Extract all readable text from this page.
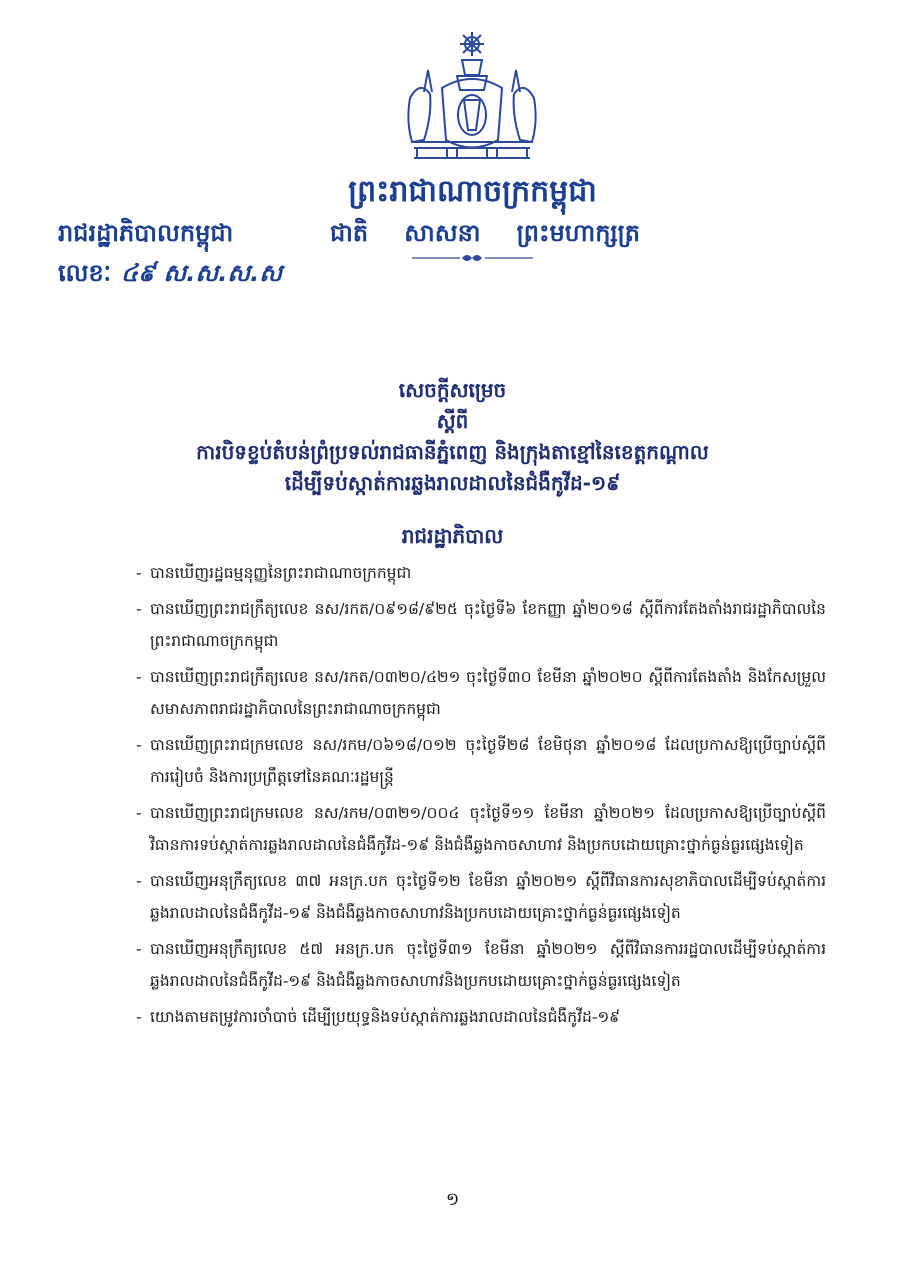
ព្រះរាជាណាចក្រកម្ពុជា
ជាតិ សាសនា ព្រះមហាក្សត្រ
រាជរដ្ឋាភិបាលកម្ពុជា
លេខៈ ៤៩ ស.ស.ស.ស
សេចក្ដីសម្រេច
ស្ដីពី
ការបិទខ្ទប់តំបន់ព្រំប្រទល់រាជធានីភ្នំពេញ និងក្រុងតាខ្មៅនៃខេត្តកណ្ដាល
ដើម្បីទប់ស្កាត់ការឆ្លងរាលដាលនៃជំងឺកូវីដ-១៩
រាជរដ្ឋាភិបាល
- បានឃើញរដ្ឋធម្មនុញ្ញនៃព្រះរាជាណាចក្រកម្ពុជា
- បានឃើញព្រះរាជក្រឹត្យលេខ នស/រកត/០៩១៨/៩២៥ ចុះថ្ងៃទី៦ ខែកញ្ញា ឆ្នាំ២០១៨ ស្ដីពីការតែងតាំងរាជរដ្ឋាភិបាលនៃព្រះរាជាណាចក្រកម្ពុជា
- បានឃើញព្រះរាជក្រឹត្យលេខ នស/រកត/០៣២០/៤២១ ចុះថ្ងៃទី៣០ ខែមីនា ឆ្នាំ២០២០ ស្ដីពីការតែងតាំង និងកែសម្រួលសមាសភាពរាជរដ្ឋាភិបាលនៃព្រះរាជាណាចក្រកម្ពុជា
- បានឃើញព្រះរាជក្រមលេខ នស/រកម/០៦១៨/០១២ ចុះថ្ងៃទី២៨ ខែមិថុនា ឆ្នាំ២០១៨ ដែលប្រកាសឱ្យប្រើច្បាប់ស្ដីពីការរៀបចំ និងការប្រព្រឹត្តទៅនៃគណៈរដ្ឋមន្ត្រី
- បានឃើញព្រះរាជក្រមលេខ នស/រកម/០៣២១/០០៤ ចុះថ្ងៃទី១១ ខែមីនា ឆ្នាំ២០២១ ដែលប្រកាសឱ្យប្រើច្បាប់ស្ដីពីវិធានការទប់ស្កាត់ការឆ្លងរាលដាលនៃជំងឺកូវីដ-១៩ និងជំងឺឆ្លងកាចសាហាវ និងប្រកបដោយគ្រោះថ្នាក់ធ្ងន់ធ្ងរផ្សេងទៀត
- បានឃើញអនុក្រឹត្យលេខ ៣៧ អនក្រ.បក ចុះថ្ងៃទី១២ ខែមីនា ឆ្នាំ២០២១ ស្ដីពីវិធានការសុខាភិបាលដើម្បីទប់ស្កាត់ការឆ្លងរាលដាលនៃជំងឺកូវីដ-១៩ និងជំងឺឆ្លងកាចសាហាវនិងប្រកបដោយគ្រោះថ្នាក់ធ្ងន់ធ្ងរផ្សេងទៀត
- បានឃើញអនុក្រឹត្យលេខ ៥៧ អនក្រ.បក ចុះថ្ងៃទី៣១ ខែមីនា ឆ្នាំ២០២១ ស្ដីពីវិធានការរដ្ឋបាលដើម្បីទប់ស្កាត់ការឆ្លងរាលដាលនៃជំងឺកូវីដ-១៩ និងជំងឺឆ្លងកាចសាហាវនិងប្រកបដោយគ្រោះថ្នាក់ធ្ងន់ធ្ងរផ្សេងទៀត
- យោងតាមតម្រូវការចាំបាច់ ដើម្បីប្រយុទ្ធនិងទប់ស្កាត់ការឆ្លងរាលដាលនៃជំងឺកូវីដ-១៩
១
